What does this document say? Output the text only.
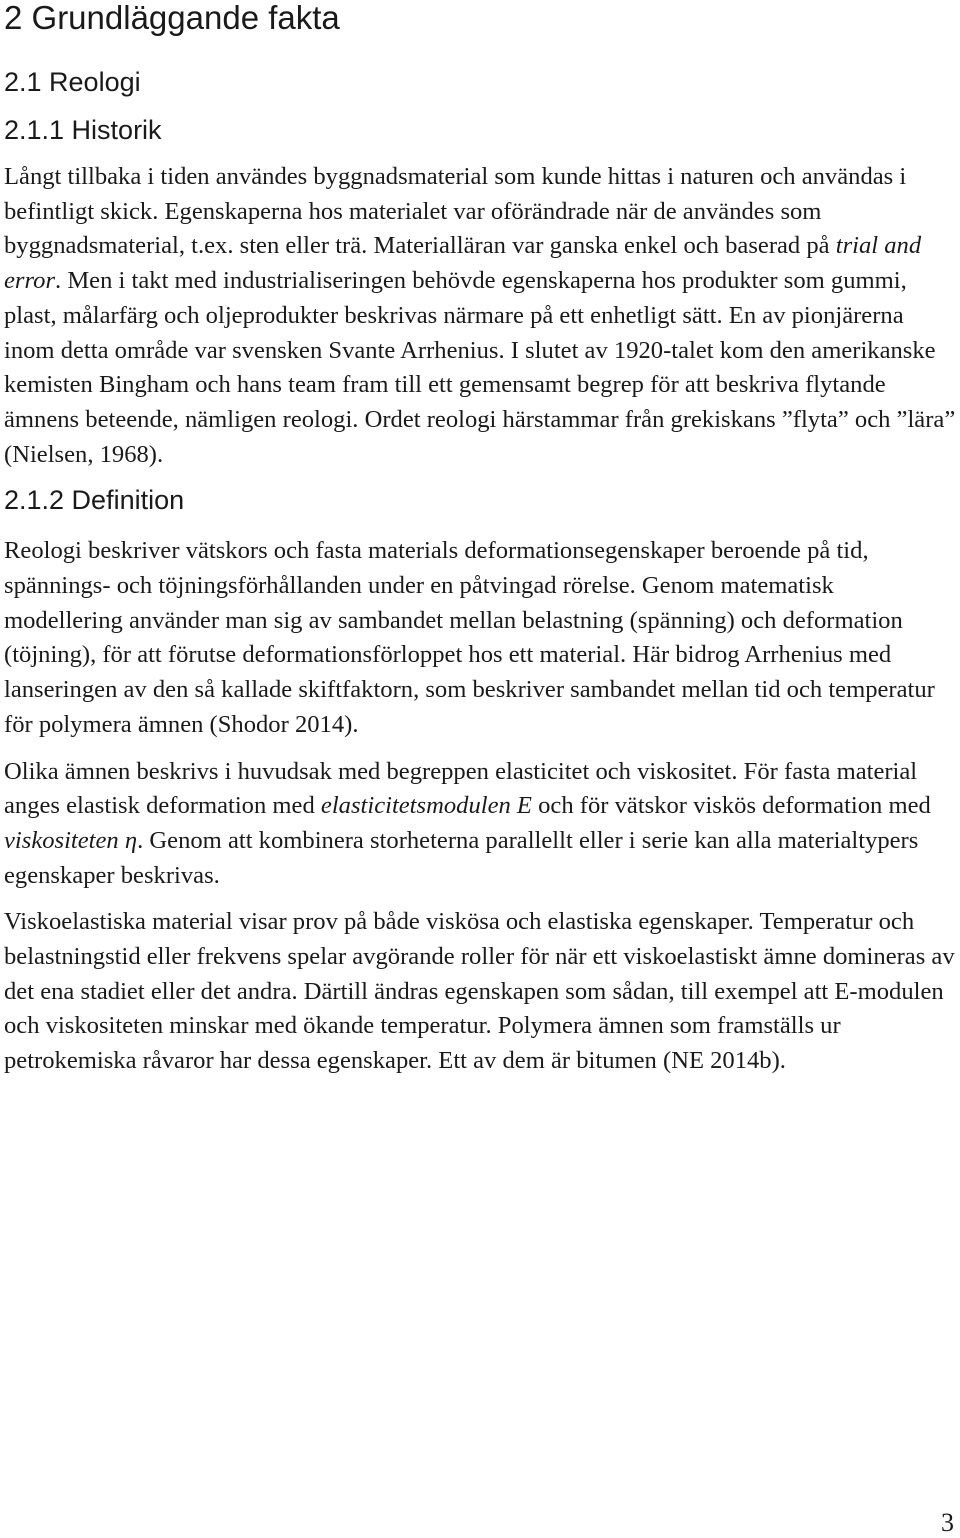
2 Grundläggande fakta
2.1 Reologi
2.1.1 Historik

Långt tillbaka i tiden användes byggnadsmaterial som kunde hittas i naturen och användas i befintligt skick. Egenskaperna hos materialet var oförändrade när de användes som byggnadsmaterial, t.ex. sten eller trä. Materialläran var ganska enkel och baserad på trial and error. Men i takt med industrialiseringen behövde egenskaperna hos produkter som gummi, plast, målarfärg och oljeprodukter beskrivas närmare på ett enhetligt sätt. En av pionjärerna inom detta område var svensken Svante Arrhenius. I slutet av 1920-talet kom den amerikanske kemisten Bingham och hans team fram till ett gemensamt begrep för att beskriva flytande ämnens beteende, nämligen reologi. Ordet reologi härstammar från grekiskans ”flyta” och ”lära” (Nielsen, 1968).

2.1.2 Definition

Reologi beskriver vätskors och fasta materials deformationsegenskaper beroende på tid, spännings- och töjningsförhållanden under en påtvingad rörelse. Genom matematisk modellering använder man sig av sambandet mellan belastning (spänning) och deformation (töjning), för att förutse deformationsförloppet hos ett material. Här bidrog Arrhenius med lanseringen av den så kallade skiftfaktorn, som beskriver sambandet mellan tid och temperatur för polymera ämnen (Shodor 2014).

Olika ämnen beskrivs i huvudsak med begreppen elasticitet och viskositet. För fasta material anges elastisk deformation med elasticitetsmodulen E och för vätskor viskös deformation med viskositeten η. Genom att kombinera storheterna parallellt eller i serie kan alla materialtypers egenskaper beskrivas.

Viskoelastiska material visar prov på både viskösa och elastiska egenskaper. Temperatur och belastningstid eller frekvens spelar avgörande roller för när ett viskoelastiskt ämne domineras av det ena stadiet eller det andra. Därtill ändras egenskapen som sådan, till exempel att E-modulen och viskositeten minskar med ökande temperatur. Polymera ämnen som framställs ur petrokemiska råvaror har dessa egenskaper. Ett av dem är bitumen (NE 2014b).

3
